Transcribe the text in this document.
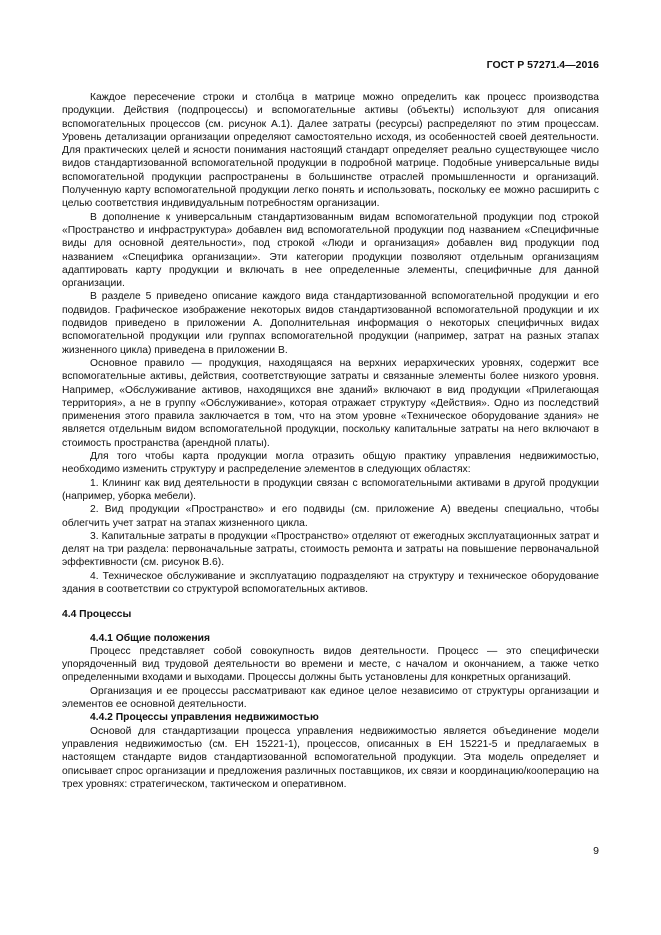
ГОСТ Р 57271.4—2016

Каждое пересечение строки и столбца в матрице можно определить как процесс производства продукции. Действия (подпроцессы) и вспомогательные активы (объекты) используют для описания вспомогательных процессов (см. рисунок А.1). Далее затраты (ресурсы) распределяют по этим процессам. Уровень детализации организации определяют самостоятельно исходя, из особенностей своей деятельности. Для практических целей и ясности понимания настоящий стандарт определяет реально существующее число видов стандартизованной вспомогательной продукции в подробной матрице. Подобные универсальные виды вспомогательной продукции распространены в большинстве отраслей промышленности и организаций. Полученную карту вспомогательной продукции легко понять и использовать, поскольку ее можно расширить с целью соответствия индивидуальным потребностям организации.

В дополнение к универсальным стандартизованным видам вспомогательной продукции под строкой «Пространство и инфраструктура» добавлен вид вспомогательной продукции под названием «Специфичные виды для основной деятельности», под строкой «Люди и организация» добавлен вид продукции под названием «Специфика организации». Эти категории продукции позволяют отдельным организациям адаптировать карту продукции и включать в нее определенные элементы, специфичные для данной организации.

В разделе 5 приведено описание каждого вида стандартизованной вспомогательной продукции и его подвидов. Графическое изображение некоторых видов стандартизованной вспомогательной продукции и их подвидов приведено в приложении А. Дополнительная информация о некоторых специфичных видах вспомогательной продукции или группах вспомогательной продукции (например, затрат на разных этапах жизненного цикла) приведена в приложении В.

Основное правило — продукция, находящаяся на верхних иерархических уровнях, содержит все вспомогательные активы, действия, соответствующие затраты и связанные элементы более низкого уровня. Например, «Обслуживание активов, находящихся вне зданий» включают в вид продукции «Прилегающая территория», а не в группу «Обслуживание», которая отражает структуру «Действия». Одно из последствий применения этого правила заключается в том, что на этом уровне «Техническое оборудование здания» не является отдельным видом вспомогательной продукции, поскольку капитальные затраты на него включают в стоимость пространства (арендной платы).

Для того чтобы карта продукции могла отразить общую практику управления недвижимостью, необходимо изменить структуру и распределение элементов в следующих областях:

1. Клининг как вид деятельности в продукции связан с вспомогательными активами в другой продукции (например, уборка мебели).

2. Вид продукции «Пространство» и его подвиды (см. приложение А) введены специально, чтобы облегчить учет затрат на этапах жизненного цикла.

3. Капитальные затраты в продукции «Пространство» отделяют от ежегодных эксплуатационных затрат и делят на три раздела: первоначальные затраты, стоимость ремонта и затраты на повышение первоначальной эффективности (см. рисунок В.6).

4. Техническое обслуживание и эксплуатацию подразделяют на структуру и техническое оборудование здания в соответствии со структурой вспомогательных активов.

4.4 Процессы
4.4.1 Общие положения

Процесс представляет собой совокупность видов деятельности. Процесс — это специфически упорядоченный вид трудовой деятельности во времени и месте, с началом и окончанием, а также четко определенными входами и выходами. Процессы должны быть установлены для конкретных организаций.

Организация и ее процессы рассматривают как единое целое независимо от структуры организации и элементов ее основной деятельности.

4.4.2 Процессы управления недвижимостью

Основой для стандартизации процесса управления недвижимостью является объединение модели управления недвижимостью (см. ЕН 15221-1), процессов, описанных в ЕН 15221-5 и предлагаемых в настоящем стандарте видов стандартизованной вспомогательной продукции. Эта модель определяет и описывает спрос организации и предложения различных поставщиков, их связи и координацию/кооперацию на трех уровнях: стратегическом, тактическом и оперативном.

9
